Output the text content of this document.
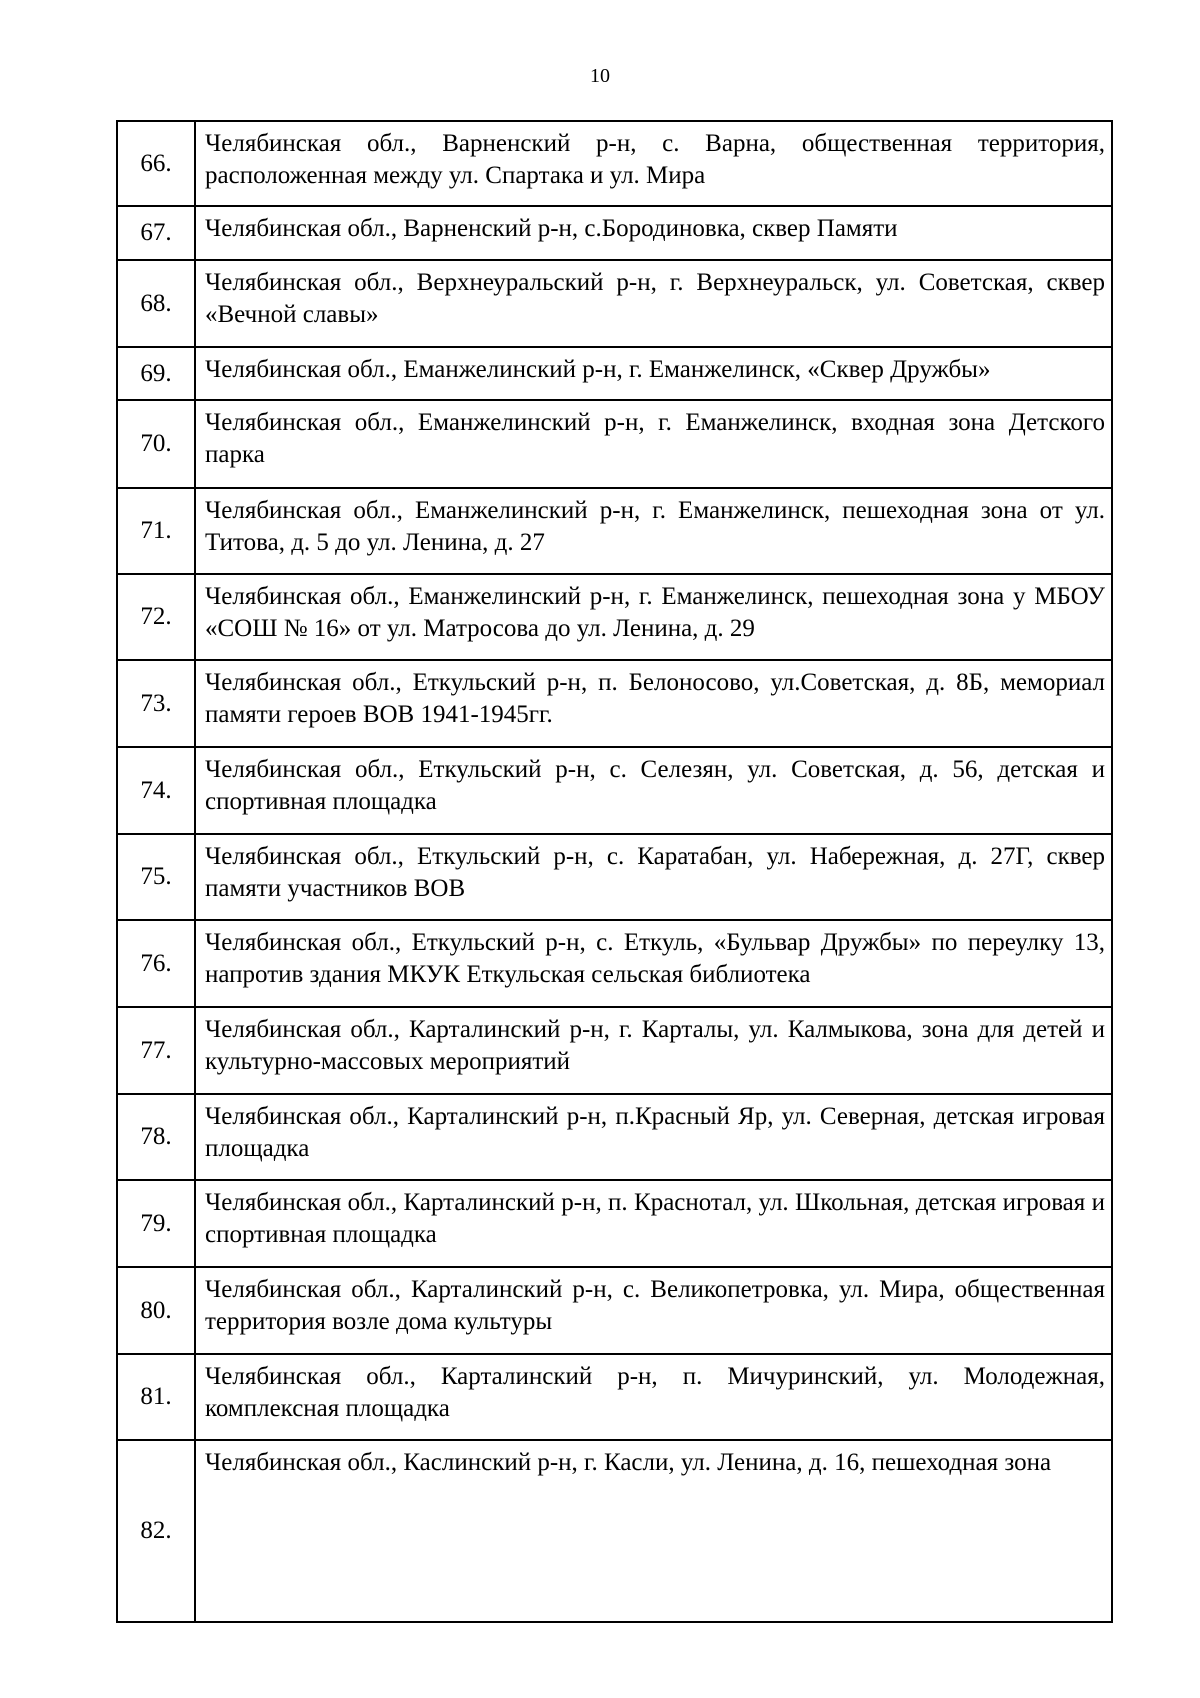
10
66.	Челябинская обл., Варненский р-н, с. Варна, общественная территория, расположенная между ул. Спартака и ул. Мира
67.	Челябинская обл., Варненский р-н, с.Бородиновка, сквер Памяти
68.	Челябинская обл., Верхнеуральский р-н, г. Верхнеуральск, ул. Советская, сквер «Вечной славы»
69.	Челябинская обл., Еманжелинский р-н, г. Еманжелинск, «Сквер Дружбы»
70.	Челябинская обл., Еманжелинский р-н, г. Еманжелинск, входная зона Детского парка
71.	Челябинская обл., Еманжелинский р-н, г. Еманжелинск, пешеходная зона от ул. Титова, д. 5 до ул. Ленина, д. 27
72.	Челябинская обл., Еманжелинский р-н, г. Еманжелинск, пешеходная зона у МБОУ «СОШ № 16» от ул. Матросова до ул. Ленина, д. 29
73.	Челябинская обл., Еткульский р-н, п. Белоносово, ул.Советская, д. 8Б, мемориал памяти героев ВОВ 1941-1945гг.
74.	Челябинская обл., Еткульский р-н, с. Селезян, ул. Советская, д. 56, детская и спортивная площадка
75.	Челябинская обл., Еткульский р-н, с. Каратабан, ул. Набережная, д. 27Г, сквер памяти участников ВОВ
76.	Челябинская обл., Еткульский р-н, с. Еткуль, «Бульвар Дружбы» по переулку 13, напротив здания МКУК Еткульская сельская библиотека
77.	Челябинская обл., Карталинский р-н, г. Карталы, ул. Калмыкова, зона для детей и культурно-массовых мероприятий
78.	Челябинская обл., Карталинский р-н, п.Красный Яр, ул. Северная, детская игровая площадка
79.	Челябинская обл., Карталинский р-н, п. Краснотал, ул. Школьная, детская игровая и спортивная площадка
80.	Челябинская обл., Карталинский р-н, с. Великопетровка, ул. Мира, общественная территория возле дома культуры
81.	Челябинская обл., Карталинский р-н, п. Мичуринский, ул. Молодежная, комплексная площадка
82.	Челябинская обл., Каслинский р-н, г. Касли, ул. Ленина, д. 16, пешеходная зона
